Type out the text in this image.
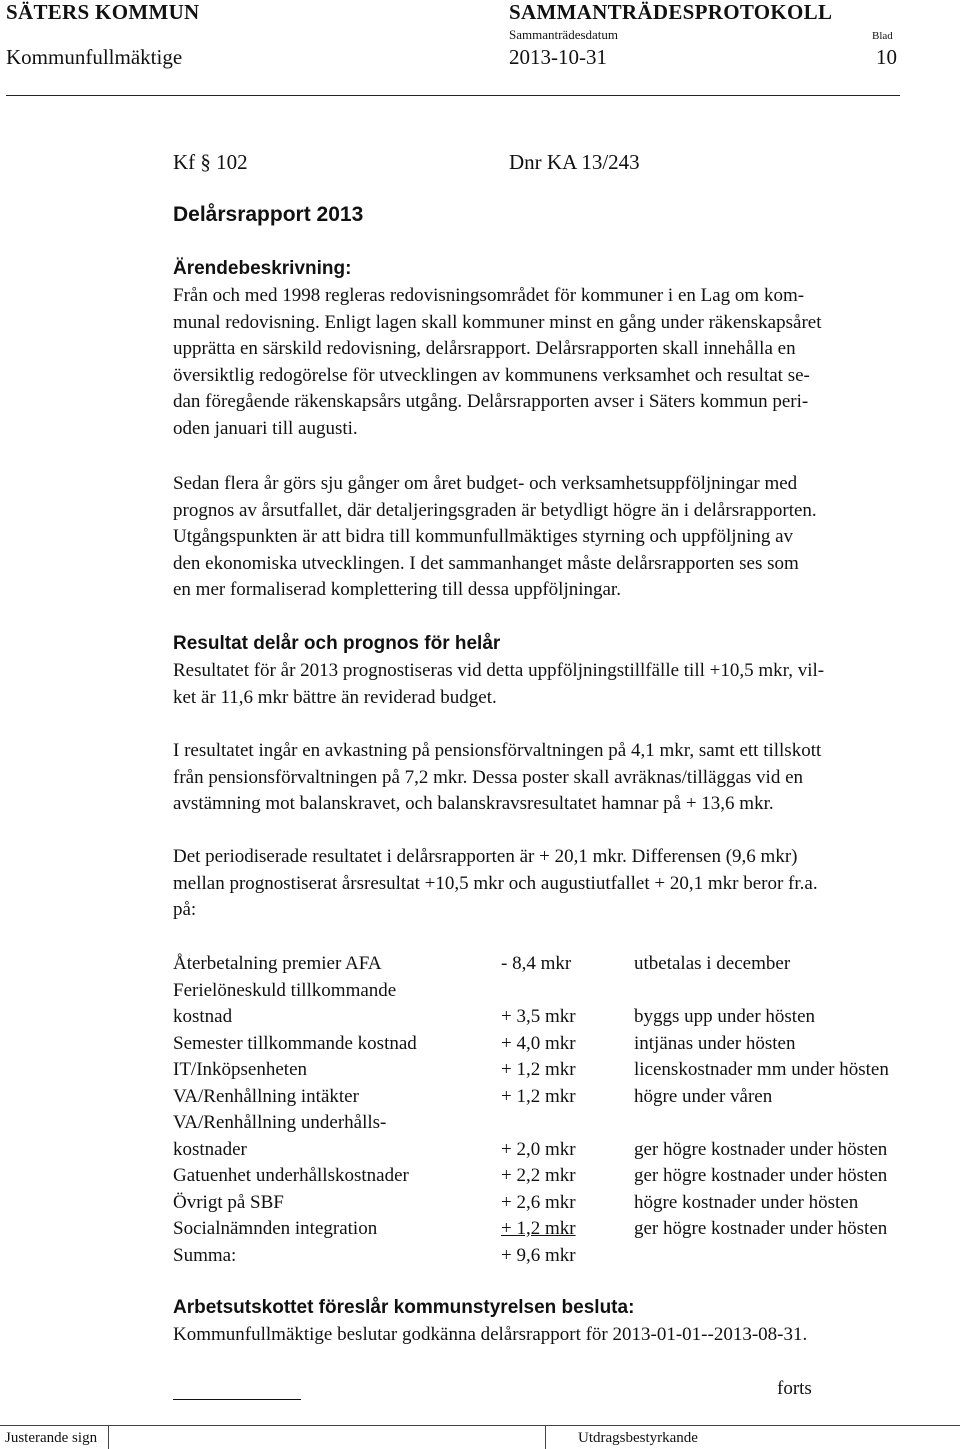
SÄTERS KOMMUN	SAMMANTRÄDESPROTOKOLL
Sammanträdesdatum	Blad
Kommunfullmäktige	2013-10-31	10
Kf § 102	Dnr KA 13/243
Delårsrapport 2013
Ärendebeskrivning:
Från och med 1998 regleras redovisningsområdet för kommuner i en Lag om kom-
munal redovisning. Enligt lagen skall kommuner minst en gång under räkenskapsåret
upprätta en särskild redovisning, delårsrapport. Delårsrapporten skall innehålla en
översiktlig redogörelse för utvecklingen av kommunens verksamhet och resultat se-
dan föregående räkenskapsårs utgång. Delårsrapporten avser i Säters kommun peri-
oden januari till augusti.
Sedan flera år görs sju gånger om året budget- och verksamhetsuppföljningar med
prognos av årsutfallet, där detaljeringsgraden är betydligt högre än i delårsrapporten.
Utgångspunkten är att bidra till kommunfullmäktiges styrning och uppföljning av
den ekonomiska utvecklingen. I det sammanhanget måste delårsrapporten ses som
en mer formaliserad komplettering till dessa uppföljningar.
Resultat delår och prognos för helår
Resultatet för år 2013 prognostiseras vid detta uppföljningstillfälle till +10,5 mkr, vil-
ket är 11,6 mkr bättre än reviderad budget.
I resultatet ingår en avkastning på pensionsförvaltningen på 4,1 mkr, samt ett tillskott
från pensionsförvaltningen på 7,2 mkr. Dessa poster skall avräknas/tilläggas vid en
avstämning mot balanskravet, och balanskravsresultatet hamnar på + 13,6 mkr.
Det periodiserade resultatet i delårsrapporten är + 20,1 mkr. Differensen (9,6 mkr)
mellan prognostiserat årsresultat +10,5 mkr och augustiutfallet + 20,1 mkr beror fr.a.
på:
Återbetalning premier AFA	- 8,4 mkr	utbetalas i december
Ferielöneskuld tillkommande
kostnad	+ 3,5 mkr	byggs upp under hösten
Semester tillkommande kostnad	+ 4,0 mkr	intjänas under hösten
IT/Inköpsenheten	+ 1,2 mkr	licenskostnader mm under hösten
VA/Renhållning intäkter	+ 1,2 mkr	högre under våren
VA/Renhållning underhålls-
kostnader	+ 2,0 mkr	ger högre kostnader under hösten
Gatuenhet underhållskostnader	+ 2,2 mkr	ger högre kostnader under hösten
Övrigt på SBF	+ 2,6 mkr	högre kostnader under hösten
Socialnämnden integration	+ 1,2 mkr	ger högre kostnader under hösten
Summa:	+ 9,6 mkr
Arbetsutskottet föreslår kommunstyrelsen besluta:
Kommunfullmäktige beslutar godkänna delårsrapport för 2013-01-01--2013-08-31.
forts
Justerande sign	Utdragsbestyrkande
